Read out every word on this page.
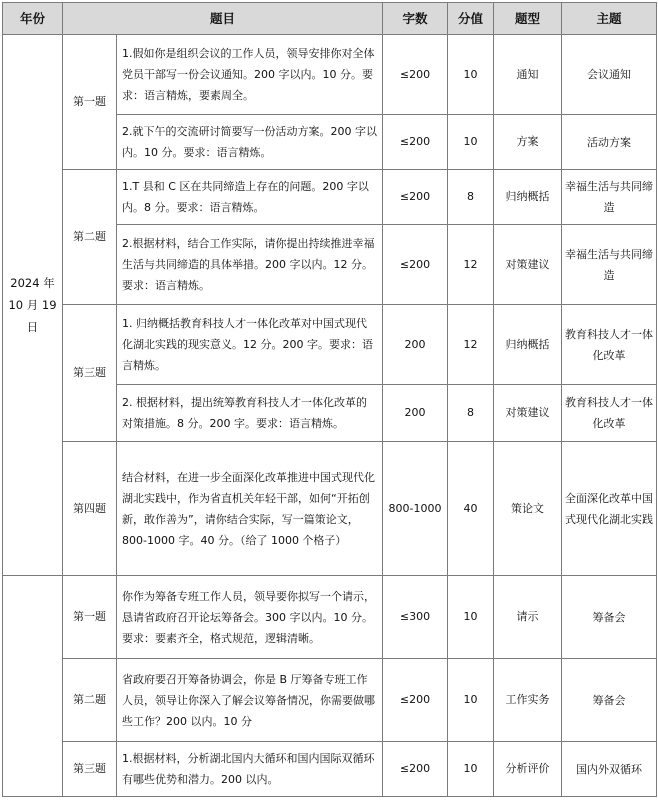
年份	题目		字数	分值	题型	主题
2024 年 10 月 19 日	第一题	1.假如你是组织会议的工作人员，领导安排你对全体党员干部写一份会议通知。200 字以内。10 分。要求：语言精炼，要素周全。	≤200	10	通知	会议通知
		2.就下午的交流研讨简要写一份活动方案。200 字以内。10 分。要求：语言精炼。	≤200	10	方案	活动方案
	第二题	1.T 县和 C 区在共同缔造上存在的问题。200 字以内。8 分。要求：语言精炼。	≤200	8	归纳概括	幸福生活与共同缔造
		2.根据材料，结合工作实际，请你提出持续推进幸福生活与共同缔造的具体举措。200 字以内。12 分。要求：语言精炼。	≤200	12	对策建议	幸福生活与共同缔造
	第三题	1. 归纳概括教育科技人才一体化改革对中国式现代化湖北实践的现实意义。12 分。200 字。要求：语言精炼。	200	12	归纳概括	教育科技人才一体化改革
		2. 根据材料，提出统筹教育科技人才一体化改革的对策措施。8 分。200 字。要求：语言精炼。	200	8	对策建议	教育科技人才一体化改革
	第四题	结合材料，在进一步全面深化改革推进中国式现代化湖北实践中，作为省直机关年轻干部，如何“开拓创新，敢作善为”，请你结合实际，写一篇策论文，800-1000 字。40 分。（给了 1000 个格子）	800-1000	40	策论文	全面深化改革中国式现代化湖北实践
	第一题	你作为筹备专班工作人员，领导要你拟写一个请示，恳请省政府召开论坛筹备会。300 字以内。10 分。要求：要素齐全，格式规范，逻辑清晰。	≤300	10	请示	筹备会
	第二题	省政府要召开筹备协调会，你是 B 厅筹备专班工作人员，领导让你深入了解会议筹备情况，你需要做哪些工作？200 以内。10 分	≤200	10	工作实务	筹备会
	第三题	1.根据材料，分析湖北国内大循环和国内国际双循环有哪些优势和潜力。200 以内。	≤200	10	分析评价	国内外双循环
